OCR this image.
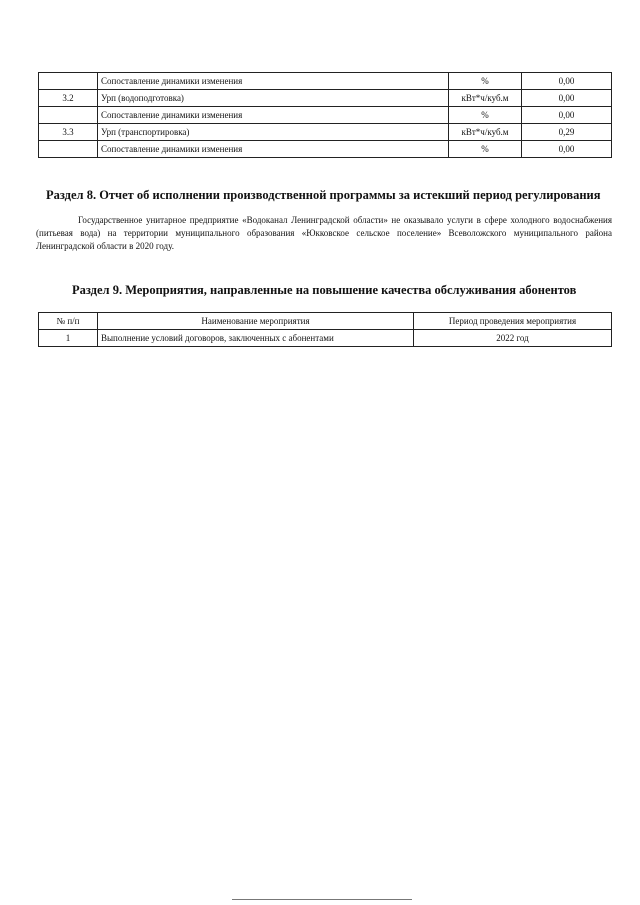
	Сопоставление динамики изменения	%	0,00
3.2	Урп (водоподготовка)	кВт*ч/куб.м	0,00
	Сопоставление динамики изменения	%	0,00
3.3	Урп (транспортировка)	кВт*ч/куб.м	0,29
	Сопоставление динамики изменения	%	0,00
Раздел 8. Отчет об исполнении производственной программы за истекший период регулирования

Государственное унитарное предприятие «Водоканал Ленинградской области» не оказывало услуги в сфере холодного водоснабжения (питьевая вода) на территории муниципального образования «Юкковское сельское поселение» Всеволожского муниципального района Ленинградской области в 2020 году.

Раздел 9. Мероприятия, направленные на повышение качества обслуживания абонентов
№ п/п	Наименование мероприятия	Период проведения мероприятия
1	Выполнение условий договоров, заключенных с абонентами	2022 год
